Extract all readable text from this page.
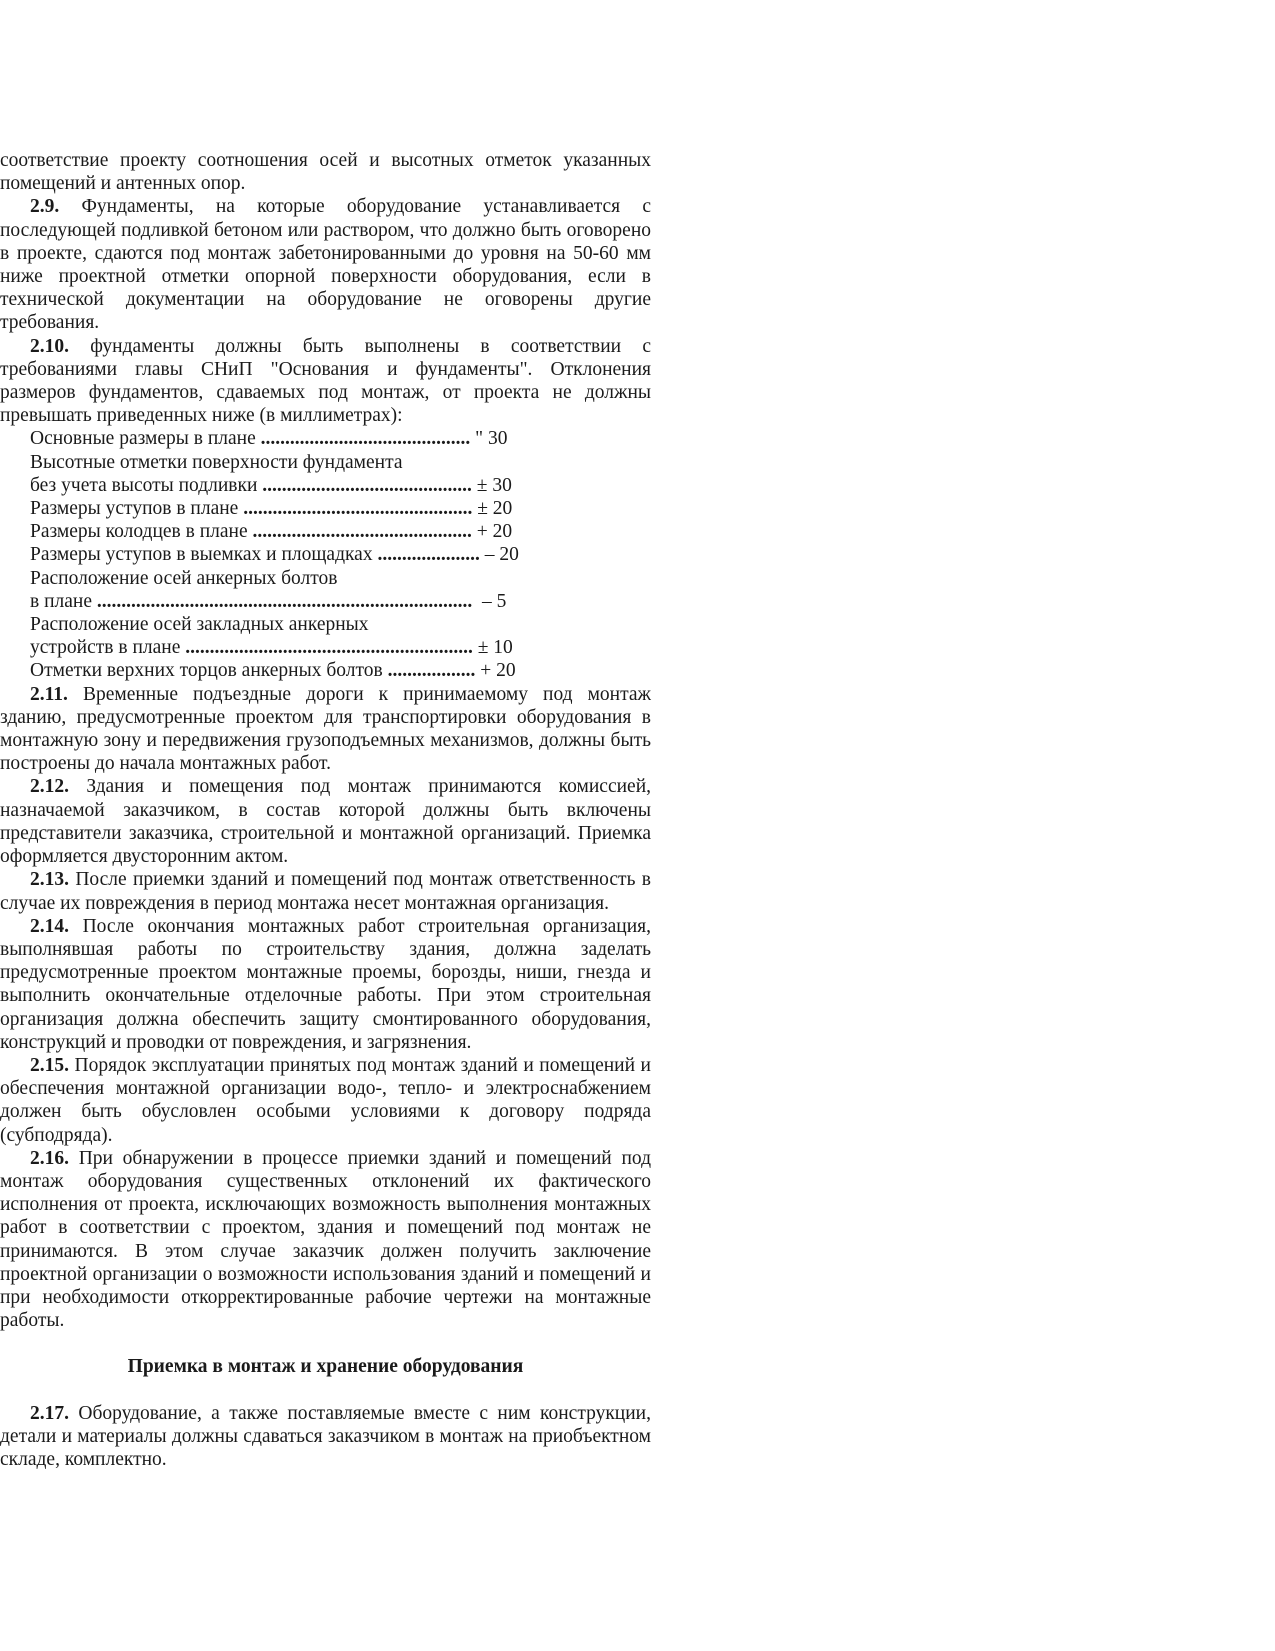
соответствие проекту соотношения осей и высотных отметок указанных помещений и антенных опор.

2.9. Фундаменты, на которые оборудование устанавливается с последующей подливкой бетоном или раствором, что должно быть оговорено в проекте, сдаются под монтаж забетонированными до уровня на 50-60 мм ниже проектной отметки опорной поверхности оборудования, если в технической документации на оборудование не оговорены другие требования.

2.10. фундаменты должны быть выполнены в соответствии с требованиями главы СНиП "Основания и фундаменты". Отклонения размеров фундаментов, сдаваемых под монтаж, от проекта не должны превышать приведенных ниже (в миллиметрах):

Основные размеры в плане ........................................... " 30
Высотные отметки поверхности фундамента
без учета высоты подливки ........................................... ± 30
Размеры уступов в плане ............................................... ± 20
Размеры колодцев в плане ............................................. + 20
Размеры уступов в выемках и площадках ..................... – 20
Расположение осей анкерных болтов
в плане .............................................................................  – 5
Расположение осей закладных анкерных
устройств в плане ........................................................... ± 10
Отметки верхних торцов анкерных болтов .................. + 20

2.11. Временные подъездные дороги к принимаемому под монтаж зданию, предусмотренные проектом для транспортировки оборудования в монтажную зону и передвижения грузоподъемных механизмов, должны быть построены до начала монтажных работ.

2.12. Здания и помещения под монтаж принимаются комиссией, назначаемой заказчиком, в состав которой должны быть включены представители заказчика, строительной и монтажной организаций. Приемка оформляется двусторонним актом.

2.13. После приемки зданий и помещений под монтаж ответственность в случае их повреждения в период монтажа несет монтажная организация.

2.14. После окончания монтажных работ строительная организация, выполнявшая работы по строительству здания, должна заделать предусмотренные проектом монтажные проемы, борозды, ниши, гнезда и выполнить окончательные отделочные работы. При этом строительная организация должна обеспечить защиту смонтированного оборудования, конструкций и проводки от повреждения, и загрязнения.

2.15. Порядок эксплуатации принятых под монтаж зданий и помещений и обеспечения монтажной организации водо-, тепло- и электроснабжением должен быть обусловлен особыми условиями к договору подряда (субподряда).

2.16. При обнаружении в процессе приемки зданий и помещений под монтаж оборудования существенных отклонений их фактического исполнения от проекта, исключающих возможность выполнения монтажных работ в соответствии с проектом, здания и помещений под монтаж не принимаются. В этом случае заказчик должен получить заключение проектной организации о возможности использования зданий и помещений и при необходимости откорректированные рабочие чертежи на монтажные работы.

Приемка в монтаж и хранение оборудования

2.17. Оборудование, а также поставляемые вместе с ним конструкции, детали и материалы должны сдаваться заказчиком в монтаж на приобъектном складе, комплектно.
